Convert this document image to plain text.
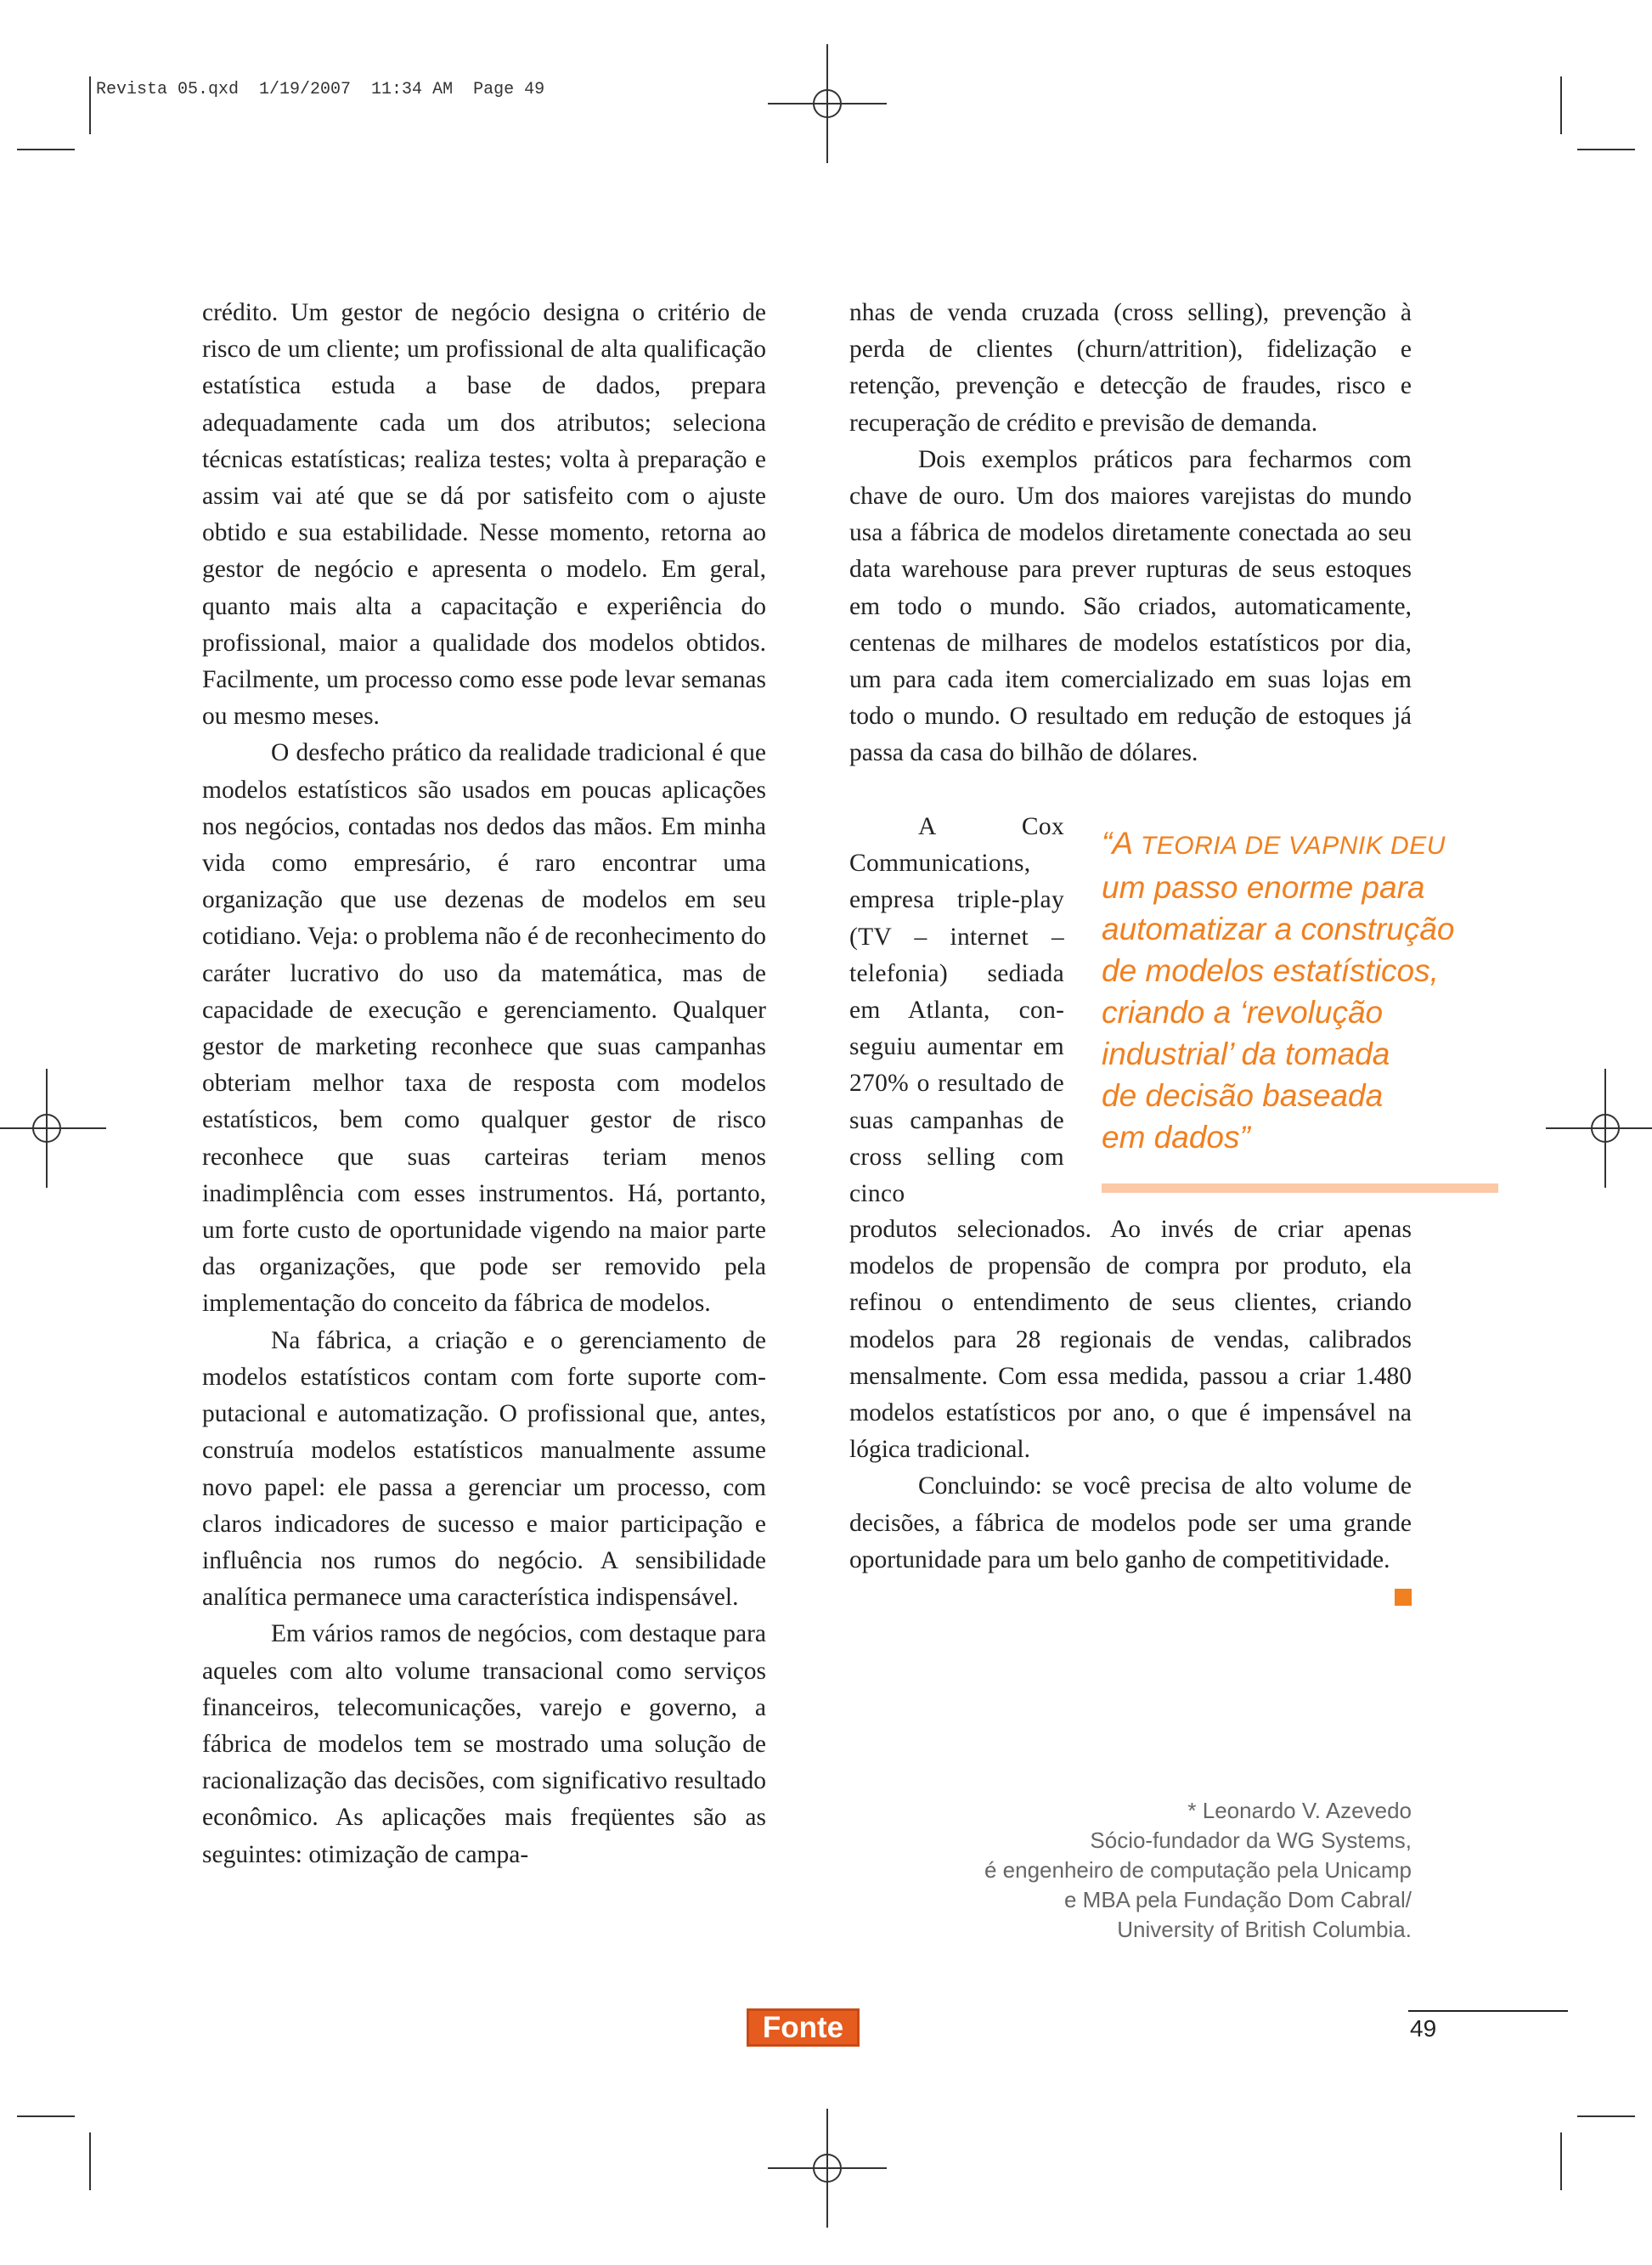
Revista 05.qxd  1/19/2007  11:34 AM  Page 49

crédito. Um gestor de negócio designa o critério de risco de um cliente; um profissional de alta qualificação estatística estuda a base de dados, prepara adequadamente cada um dos atributos; seleciona técnicas estatísticas; realiza testes; volta à preparação e assim vai até que se dá por satisfeito com o ajuste obtido e sua estabilidade. Nesse momento, retorna ao gestor de negócio e apresenta o modelo. Em geral, quanto mais alta a capacitação e experiência do profissional, maior a qualidade dos modelos obtidos. Facilmente, um processo como esse pode levar semanas ou mesmo meses.

O desfecho prático da realidade tradicional é que modelos estatísticos são usados em poucas aplicações nos negócios, contadas nos dedos das mãos. Em minha vida como empresário, é raro encontrar uma organização que use dezenas de modelos em seu cotidiano. Veja: o problema não é de reconhecimento do caráter lucrativo do uso da matemática, mas de capacidade de execução e gerenciamento. Qualquer gestor de marketing reconhece que suas campanhas obteriam melhor taxa de resposta com modelos estatísticos, bem como qualquer gestor de risco reconhece que suas carteiras teriam menos inadimplência com esses instrumentos. Há, portanto, um forte custo de oportunidade vigendo na maior parte das organizações, que pode ser removido pela implementação do conceito da fábrica de modelos.

Na fábrica, a criação e o gerenciamento de modelos estatísticos contam com forte suporte computacional e automatização. O profissional que, antes, construía modelos estatísticos manualmente assume novo papel: ele passa a gerenciar um processo, com claros indicadores de sucesso e maior participação e influência nos rumos do negócio. A sensibilidade analítica permanece uma característica indispensável.

Em vários ramos de negócios, com destaque para aqueles com alto volume transacional como serviços financeiros, telecomunicações, varejo e governo, a fábrica de modelos tem se mostrado uma solução de racionalização das decisões, com significativo resultado econômico. As aplicações mais freqüentes são as seguintes: otimização de campa-

nhas de venda cruzada (cross selling), prevenção à perda de clientes (churn/attrition), fidelização e retenção, prevenção e detecção de fraudes, risco e recuperação de crédito e previsão de demanda.

Dois exemplos práticos para fecharmos com chave de ouro. Um dos maiores varejistas do mundo usa a fábrica de modelos diretamente conectada ao seu data warehouse para prever rupturas de seus estoques em todo o mundo. São criados, automaticamente, centenas de milhares de modelos estatísticos por dia, um para cada item comercializado em suas lojas em todo o mundo. O resultado em redução de estoques já passa da casa do bilhão de dólares.

A Cox Communications, empresa triple-play (TV – internet – telefonia) sediada em Atlanta, conseguiu aumentar em 270% o resultado de suas campanhas de cross selling com cinco

“A TEORIA DE VAPNIK DEU
um passo enorme para
automatizar a construção
de modelos estatísticos,
criando a ‘revolução
industrial’ da tomada
de decisão baseada
em dados”

produtos selecionados. Ao invés de criar apenas modelos de propensão de compra por produto, ela refinou o entendimento de seus clientes, criando modelos para 28 regionais de vendas, calibrados mensalmente. Com essa medida, passou a criar 1.480 modelos estatísticos por ano, o que é impensável na lógica tradicional.

Concluindo: se você precisa de alto volume de decisões, a fábrica de modelos pode ser uma grande oportunidade para um belo ganho de competitividade.

* Leonardo V. Azevedo
Sócio-fundador da WG Systems,
é engenheiro de computação pela Unicamp
e MBA pela Fundação Dom Cabral/
University of British Columbia.
Fonte	49
